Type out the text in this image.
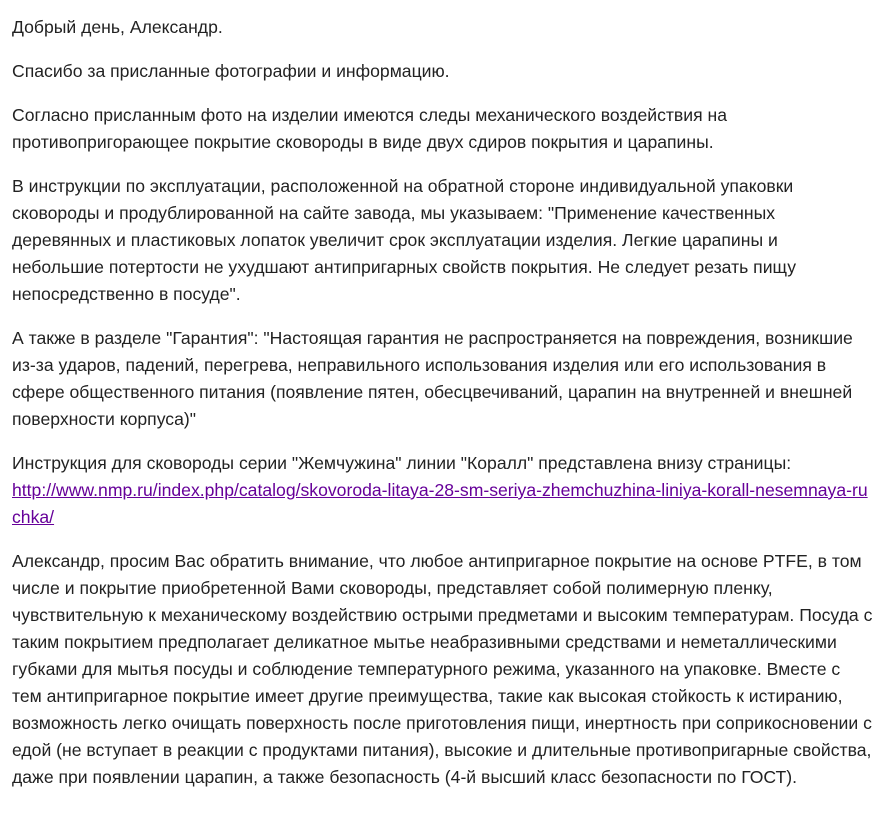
Добрый день, Александр.

Спасибо за присланные фотографии и информацию.

Согласно присланным фото на изделии имеются следы механического воздействия на противопригорающее покрытие сковороды в виде двух сдиров покрытия и царапины.

В инструкции по эксплуатации, расположенной на обратной стороне индивидуальной упаковки сковороды и продублированной на сайте завода, мы указываем: "Применение качественных деревянных и пластиковых лопаток увеличит срок эксплуатации изделия. Легкие царапины и небольшие потертости не ухудшают антипригарных свойств покрытия. Не следует резать пищу непосредственно в посуде".

А также в разделе "Гарантия": "Настоящая гарантия не распространяется на повреждения, возникшие из-за ударов, падений, перегрева, неправильного использования изделия или его использования в сфере общественного питания (появление пятен, обесцвечиваний, царапин на внутренней и внешней поверхности корпуса)"

Инструкция для сковороды серии "Жемчужина" линии "Коралл" представлена внизу страницы:
http://www.nmp.ru/index.php/catalog/skovoroda-litaya-28-sm-seriya-zhemchuzhina-liniya-korall-nesemnaya-ruchka/

Александр, просим Вас обратить внимание, что любое антипригарное покрытие на основе PTFE, в том числе и покрытие приобретенной Вами сковороды, представляет собой полимерную пленку, чувствительную к механическому воздействию острыми предметами и высоким температурам. Посуда с таким покрытием предполагает деликатное мытье неабразивными средствами и неметаллическими губками для мытья посуды и соблюдение температурного режима, указанного на упаковке. Вместе с тем антипригарное покрытие имеет другие преимущества, такие как высокая стойкость к истиранию, возможность легко очищать поверхность после приготовления пищи, инертность при соприкосновении с едой (не вступает в реакции с продуктами питания), высокие и длительные противопригарные свойства, даже при появлении царапин, а также безопасность (4-й высший класс безопасности по ГОСТ).
